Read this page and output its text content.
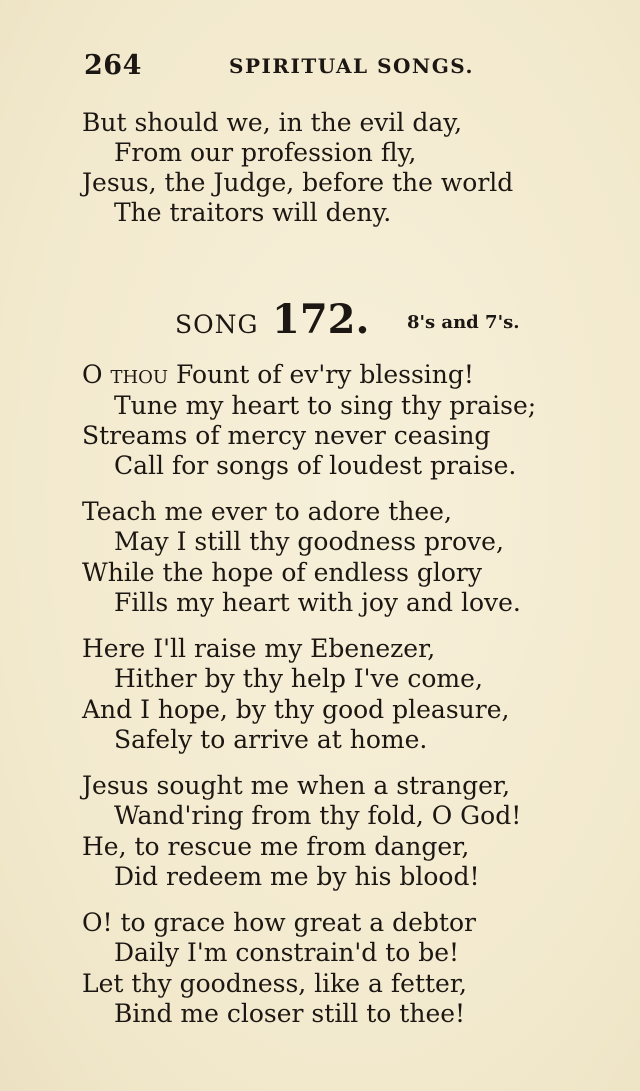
264	SPIRITUAL SONGS.
But should we, in the evil day,
From our profession fly,
Jesus, the Judge, before the world
The traitors will deny.
SONG 172. 8's and 7's.
O thou Fount of ev'ry blessing!
Tune my heart to sing thy praise;
Streams of mercy never ceasing
Call for songs of loudest praise.
Teach me ever to adore thee,
May I still thy goodness prove,
While the hope of endless glory
Fills my heart with joy and love.
Here I'll raise my Ebenezer,
Hither by thy help I've come,
And I hope, by thy good pleasure,
Safely to arrive at home.
Jesus sought me when a stranger,
Wand'ring from thy fold, O God!
He, to rescue me from danger,
Did redeem me by his blood!
O! to grace how great a debtor
Daily I'm constrain'd to be!
Let thy goodness, like a fetter,
Bind me closer still to thee!
